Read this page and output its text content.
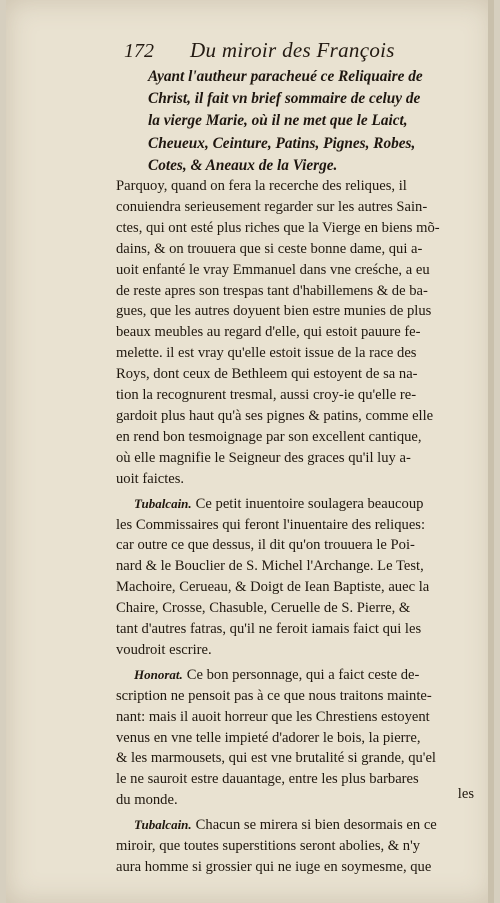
172 Du miroir des François
Ayant l'autheur paracheué ce Reliquaire de
Christ, il fait vn brief sommaire de celuy de
la vierge Marie, où il ne met que le Laict,
Cheueux, Ceinture, Patins, Pignes, Robes,
Cotes, & Aneaux de la Vierge.
Parquoy, quand on fera la recerche des reliques, il
conuiendra serieusement regarder sur les autres Sain-
ctes, qui ont esté plus riches que la Vierge en biens mõ-
dains, & on trouuera que si ceste bonne dame, qui a-
uoit enfanté le vray Emmanuel dans vne creśche, a eu
de reste apres son trespas tant d'habillemens & de ba-
gues, que les autres doyuent bien estre munies de plus
beaux meubles au regard d'elle, qui estoit pauure fe-
melette. il est vray qu'elle estoit issue de la race des
Roys, dont ceux de Bethleem qui estoyent de sa na-
tion la recognurent tresmal, aussi croy-ie qu'elle re-
gardoit plus haut qu'à ses pignes & patins, comme elle
en rend bon tesmoignage par son excellent cantique,
où elle magnifie le Seigneur des graces qu'il luy a-
uoit faictes.
Tubalcain. Ce petit inuentoire soulagera beaucoup
les Commissaires qui feront l'inuentaire des reliques:
car outre ce que dessus, il dit qu'on trouuera le Poi-
nard & le Bouclier de S. Michel l'Archange. Le Test,
Machoire, Cerueau, & Doigt de Iean Baptiste, auec la
Chaire, Crosse, Chasuble, Ceruelle de S. Pierre, &
tant d'autres fatras, qu'il ne feroit iamais faict qui les
voudroit escrire.
Honorat. Ce bon personnage, qui a faict ceste de-
scription ne pensoit pas à ce que nous traitons mainte-
nant: mais il auoit horreur que les Chrestiens estoyent
venus en vne telle impieté d'adorer le bois, la pierre,
& les marmousets, qui est vne brutalité si grande, qu'el
le ne sauroit estre dauantage, entre les plus barbares
du monde.
Tubalcain. Chacun se mirera si bien desormais en ce
miroir, que toutes superstitions seront abolies, & n'y
aura homme si grossier qui ne iuge en soymesme, que
les
